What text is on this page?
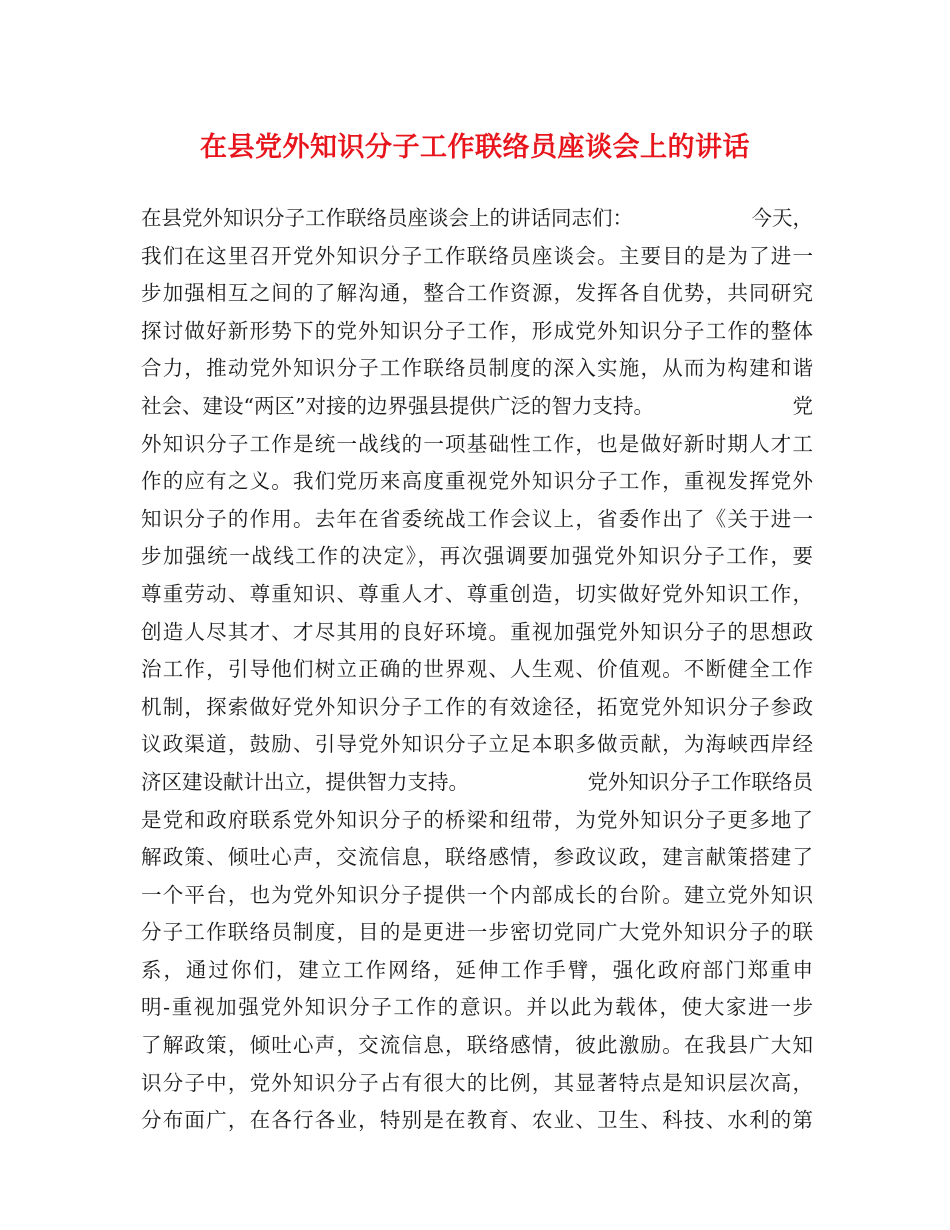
在县党外知识分子工作联络员座谈会上的讲话
在县党外知识分子工作联络员座谈会上的讲话同志们：	今天，
我们在这里召开党外知识分子工作联络员座谈会。主要目的是为了进一
步加强相互之间的了解沟通，整合工作资源，发挥各自优势，共同研究
探讨做好新形势下的党外知识分子工作，形成党外知识分子工作的整体
合力，推动党外知识分子工作联络员制度的深入实施，从而为构建和谐
社会、建设“两区”对接的边界强县提供广泛的智力支持。	党
外知识分子工作是统一战线的一项基础性工作，也是做好新时期人才工
作的应有之义。我们党历来高度重视党外知识分子工作，重视发挥党外
知识分子的作用。去年在省委统战工作会议上，省委作出了《关于进一
步加强统一战线工作的决定》，再次强调要加强党外知识分子工作，要
尊重劳动、尊重知识、尊重人才、尊重创造，切实做好党外知识工作，
创造人尽其才、才尽其用的良好环境。重视加强党外知识分子的思想政
治工作，引导他们树立正确的世界观、人生观、价值观。不断健全工作
机制，探索做好党外知识分子工作的有效途径，拓宽党外知识分子参政
议政渠道，鼓励、引导党外知识分子立足本职多做贡献，为海峡西岸经
济区建设献计出立，提供智力支持。	党外知识分子工作联络员
是党和政府联系党外知识分子的桥梁和纽带，为党外知识分子更多地了
解政策、倾吐心声，交流信息，联络感情，参政议政，建言献策搭建了
一个平台，也为党外知识分子提供一个内部成长的台阶。建立党外知识
分子工作联络员制度，目的是更进一步密切党同广大党外知识分子的联
系，通过你们，建立工作网络，延伸工作手臂，强化政府部门郑重申
明-重视加强党外知识分子工作的意识。并以此为载体，使大家进一步
了解政策，倾吐心声，交流信息，联络感情，彼此激励。在我县广大知
识分子中，党外知识分子占有很大的比例，其显著特点是知识层次高，
分布面广，在各行各业，特别是在教育、农业、卫生、科技、水利的第
